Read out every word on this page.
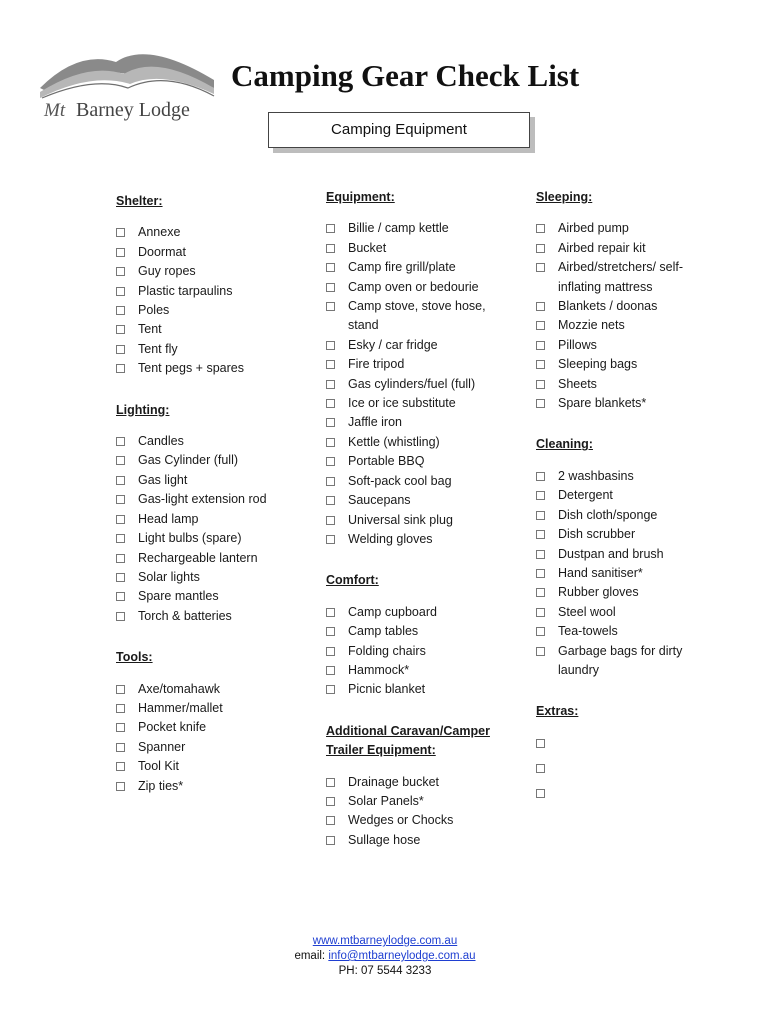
Mt Barney Lodge
Camping Gear Check List
Camping Equipment
Shelter:
Annexe
Doormat
Guy ropes
Plastic tarpaulins
Poles
Tent
Tent fly
Tent pegs + spares
Lighting:
Candles
Gas Cylinder (full)
Gas light
Gas-light extension rod
Head lamp
Light bulbs (spare)
Rechargeable lantern
Solar lights
Spare mantles
Torch & batteries
Tools:
Axe/tomahawk
Hammer/mallet
Pocket knife
Spanner
Tool Kit
Zip ties*
Equipment:
Billie / camp kettle
Bucket
Camp fire grill/plate
Camp oven or bedourie
Camp stove, stove hose, stand
Esky / car fridge
Fire tripod
Gas cylinders/fuel (full)
Ice or ice substitute
Jaffle iron
Kettle (whistling)
Portable BBQ
Soft-pack cool bag
Saucepans
Universal sink plug
Welding gloves
Comfort:
Camp cupboard
Camp tables
Folding chairs
Hammock*
Picnic blanket
Additional Caravan/Camper Trailer Equipment:
Drainage bucket
Solar Panels*
Wedges or Chocks
Sullage hose
Sleeping:
Airbed pump
Airbed repair kit
Airbed/stretchers/ self-inflating mattress
Blankets / doonas
Mozzie nets
Pillows
Sleeping bags
Sheets
Spare blankets*
Cleaning:
2 washbasins
Detergent
Dish cloth/sponge
Dish scrubber
Dustpan and brush
Hand sanitiser*
Rubber gloves
Steel wool
Tea-towels
Garbage bags for dirty laundry
Extras:
www.mtbarneylodge.com.au
email: info@mtbarneylodge.com.au
PH: 07 5544 3233
